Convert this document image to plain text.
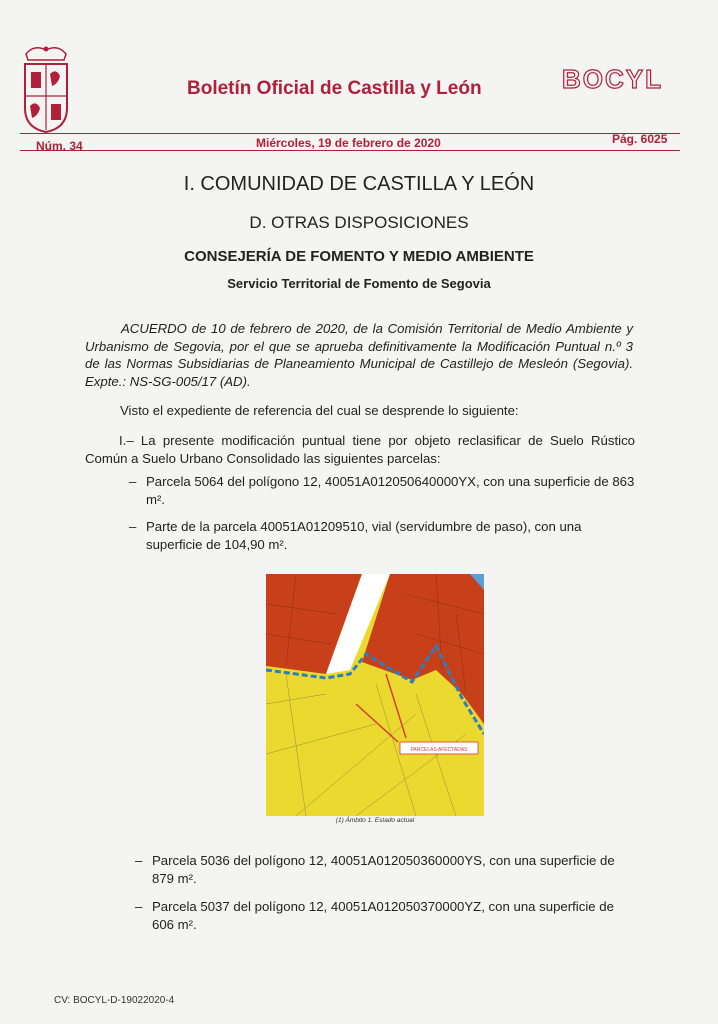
Boletín Oficial de Castilla y León	BOCYL
Pág. 6025
Miércoles, 19 de febrero de 2020
Núm. 34
I. COMUNIDAD DE CASTILLA Y LEÓN
D. OTRAS DISPOSICIONES
CONSEJERÍA DE FOMENTO Y MEDIO AMBIENTE
Servicio Territorial de Fomento de Segovia
ACUERDO de 10 de febrero de 2020, de la Comisión Territorial de Medio Ambiente y Urbanismo de Segovia, por el que se aprueba definitivamente la Modificación Puntual n.º 3 de las Normas Subsidiarias de Planeamiento Municipal de Castillejo de Mesleón (Segovia). Expte.: NS-SG-005/17 (AD).
Visto el expediente de referencia del cual se desprende lo siguiente:
I.– La presente modificación puntual tiene por objeto reclasificar de Suelo Rústico Común a Suelo Urbano Consolidado las siguientes parcelas:
– Parcela 5064 del polígono 12, 40051A012050640000YX, con una superficie de 863 m².
– Parte de la parcela 40051A01209510, vial (servidumbre de paso), con una superficie de 104,90 m².
PARCELAS AFECTADAS
(1) Ámbito 1. Estado actual
– Parcela 5036 del polígono 12, 40051A012050360000YS, con una superficie de 879 m².
– Parcela 5037 del polígono 12, 40051A012050370000YZ, con una superficie de 606 m².
CV: BOCYL-D-19022020-4
